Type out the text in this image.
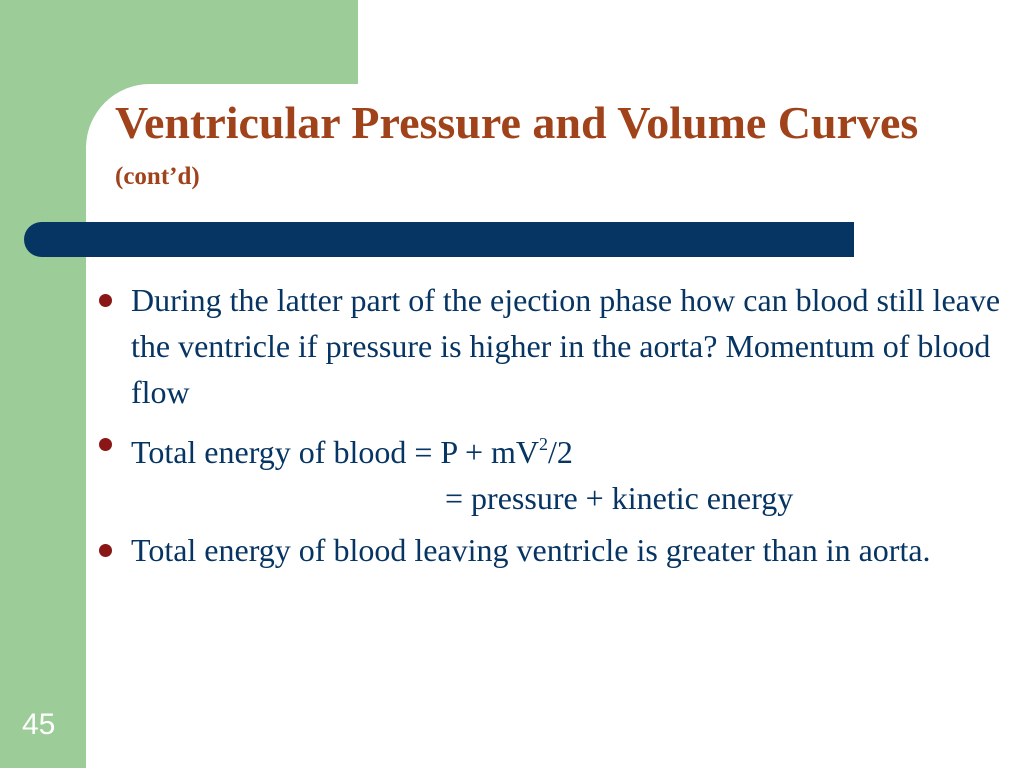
Ventricular Pressure and Volume Curves (cont’d)
During the latter part of the ejection phase how can blood still leave the ventricle if pressure is higher in the aorta? Momentum of blood flow
Total energy of blood = $P + mV^2/2$
= pressure + kinetic energy
Total energy of blood leaving ventricle is greater than in aorta.
45
